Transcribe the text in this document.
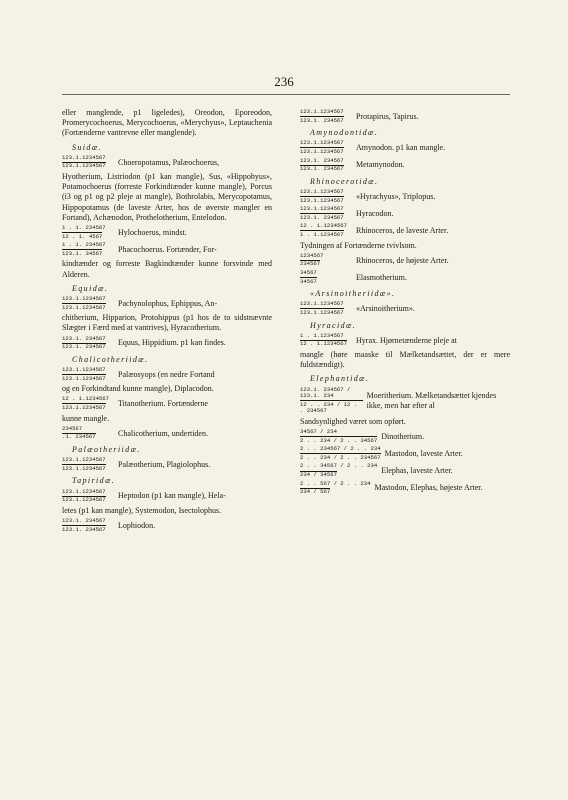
236
eller manglende, p1 ligeledes), Oreodon, Eporeodon, Promerycochoerus, Merycochoerus, «Merychyus», Leptauchenia (Fortænderne vantrevne eller manglende).
Suidæ.
$\frac{123.1.1234567}{123.1.1234567}$ Choeropotamus, Palæochoerus,
Hyotherium, Listriodon (p1 kan mangle), Sus, «Hippohyus», Potamochoerus (forreste Forkindtænder kunne mangle), Porcus (i3 og p1 og p2 pleje at mangle), Bothrolabis, Merycopotamus, Hippopotamus (de laveste Arter, hos de øverste mangler en Fortand), Achænodon, Prothelotherium, Entelodon.
$\frac{1 . 1. 234567}{12 . 1. 4567}$ Hylochoerus, mindst.
$\frac{1 . 1. 234567}{123.1. 34567}$ Phacochoerus. Fortænder, For-
kindtænder og forreste Bagkindtænder kunne forsvinde med Alderen.
Equidæ.
$\frac{123.1.1234567}{123.1.1234567}$ Pachynolophus, Ephippus, An-
chitherium, Hipparion, Protohippus (p1 hos de to sidstnævnte Slægter i Færd med at vantrives), Hyracotherium.
$\frac{123.1. 234567}{123.1. 234567}$ Equus, Hippidium. p1 kan findes.
Chalicotheriidæ.
$\frac{123.1.1234567}{123.1.1234567}$ Palæosyops (en nedre Fortand
og en Forkindtand kunne mangle), Diplacodon.
$\frac{12 . 1.1234567}{123.1.1234567}$ Titanotherium. Fortænderne
kunne mangle.
$\frac{234567}{.1. 234567}$ Chalicotherium, undertiden.
Palæotheriidæ.
$\frac{123.1.1234567}{123.1.1234567}$ Palæotherium, Plagiolophus.
Tapiridæ.
$\frac{123.1.1234567}{123.1.1234567}$ Heptodon (p1 kan mangle), Hela-
letes (p1 kan mangle), Systemodon, Isectolophus.
$\frac{123.1. 234567}{123.1. 234567}$ Lophiodon.
$\frac{123.1.1234567}{123.1. 234567}$ Protapirus, Tapirus.
Amynodontidæ.
$\frac{123.1.1234567}{123.1.1234567}$ Amynodon. p1 kan mangle.
$\frac{123.1. 234567}{123.1. 234567}$ Metamynodon.
Rhinocerotidæ.
$\frac{123.1.1234567}{123.1.1234567}$ «Hyrachyus», Triplopus.
$\frac{123.1.1234567}{123.1. 234567}$ Hyracodon.
$\frac{12 . 1.1234567}{1 . 1.1234567}$ Rhinoceros, de laveste Arter.
Tydningen af Fortænderne tvivlsom.
$\frac{1234567}{234567}$ Rhinoceros, de højeste Arter.
$\frac{34567}{34567}$ Elasmotherium.
«Arsinoitheriidæ».
$\frac{123.1.1234567}{123.1.1234567}$ «Arsinoitherium».
Hyracidæ.
$\frac{1 . 1.1234567}{12 . 1.1234567}$ Hyrax. Hjørnetænderne pleje at
mangle (høre maaske til Mælketandsættet, der er mere fuldstændigt).
Elephantidæ.
$\frac{123.1. 234567 / 123.1. 234}{12 . . 234 / 12 . . 234567}$ Moeritherium. Mælketandsættet kjendes ikke, men har efter al
Sandsynlighed været som opført.
$\frac{34567 / 234}{2 . . 234 / 2 . . 34567}$ Dinotherium.
$\frac{2 . . 234567 / 2 . . 234}{2 . . 234 / 2 . . 234567}$ Mastodon, laveste Arter.
$\frac{2 . . 34567 / 2 . . 234}{234 / 34567}$ Elephas, laveste Arter.
$\frac{2 . . 567 / 2 . . 234}{234 / 567}$ Mastodon, Elephas, højeste Arter.
